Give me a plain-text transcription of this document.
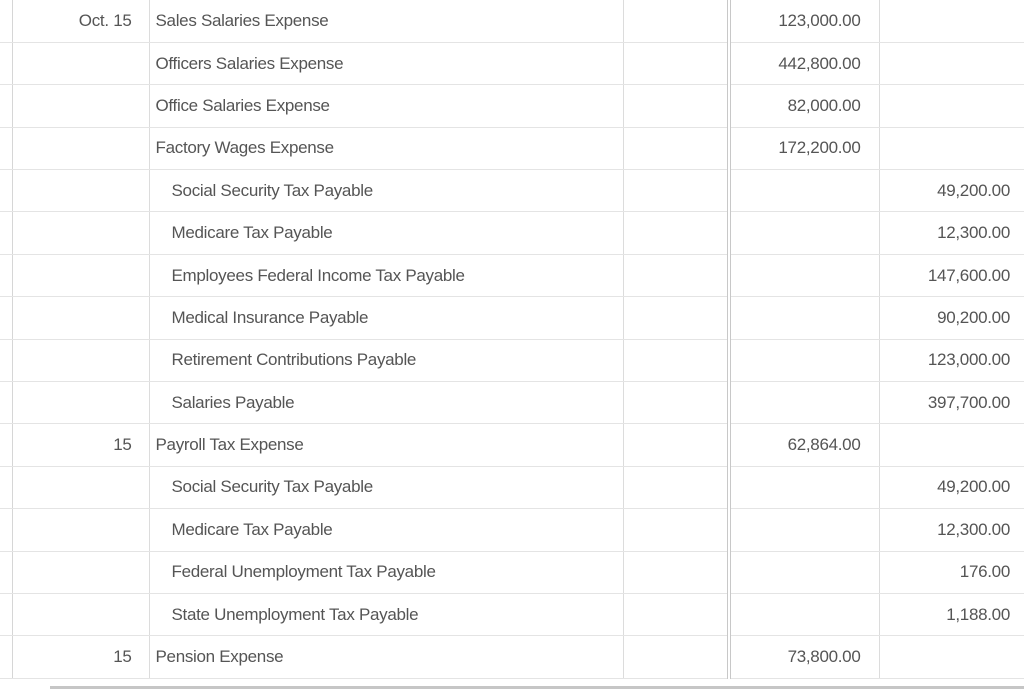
	Oct. 15	Sales Salaries Expense		123,000.00	
		Officers Salaries Expense		442,800.00	
		Office Salaries Expense		82,000.00	
		Factory Wages Expense		172,200.00	
		Social Security Tax Payable			49,200.00
		Medicare Tax Payable			12,300.00
		Employees Federal Income Tax Payable			147,600.00
		Medical Insurance Payable			90,200.00
		Retirement Contributions Payable			123,000.00
		Salaries Payable			397,700.00
	15	Payroll Tax Expense		62,864.00	
		Social Security Tax Payable			49,200.00
		Medicare Tax Payable			12,300.00
		Federal Unemployment Tax Payable			176.00
		State Unemployment Tax Payable			1,188.00
	15	Pension Expense		73,800.00	
